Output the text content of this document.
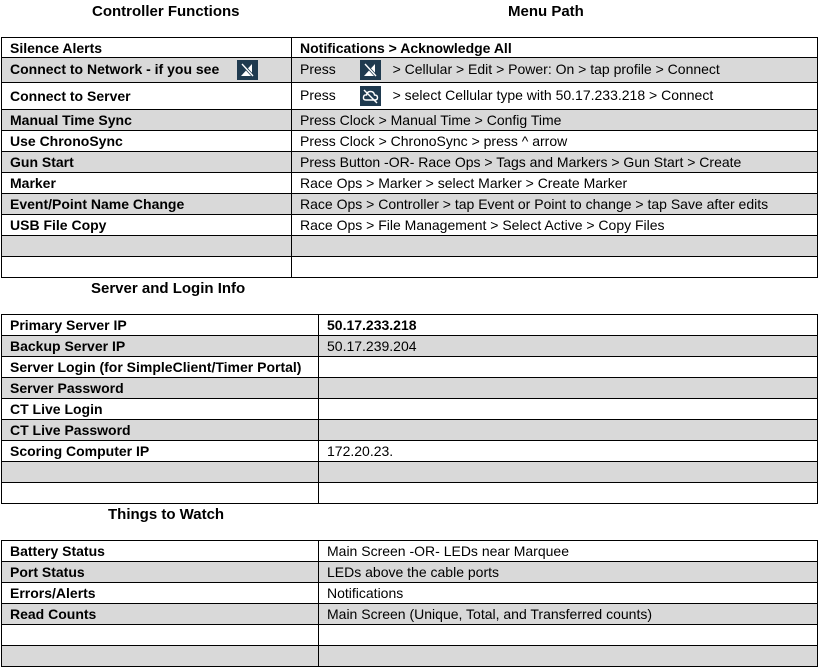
Controller Functions	Menu Path
Silence Alerts	Notifications > Acknowledge All
Connect to Network - if you see	Press > Cellular > Edit > Power: On > tap profile > Connect
Connect to Server	Press > select Cellular type with 50.17.233.218 > Connect
Manual Time Sync	Press Clock > Manual Time > Config Time
Use ChronoSync	Press Clock > ChronoSync > press ^ arrow
Gun Start	Press Button -OR- Race Ops > Tags and Markers > Gun Start > Create
Marker	Race Ops > Marker > select Marker > Create Marker
Event/Point Name Change	Race Ops > Controller > tap Event or Point to change > tap Save after edits
USB File Copy	Race Ops > File Management > Select Active > Copy Files

Server and Login Info
Primary Server IP	50.17.233.218
Backup Server IP	50.17.239.204
Server Login (for SimpleClient/Timer Portal)	
Server Password	
CT Live Login	
CT Live Password	
Scoring Computer IP	172.20.23.

Things to Watch
Battery Status	Main Screen -OR- LEDs near Marquee
Port Status	LEDs above the cable ports
Errors/Alerts	Notifications
Read Counts	Main Screen (Unique, Total, and Transferred counts)
